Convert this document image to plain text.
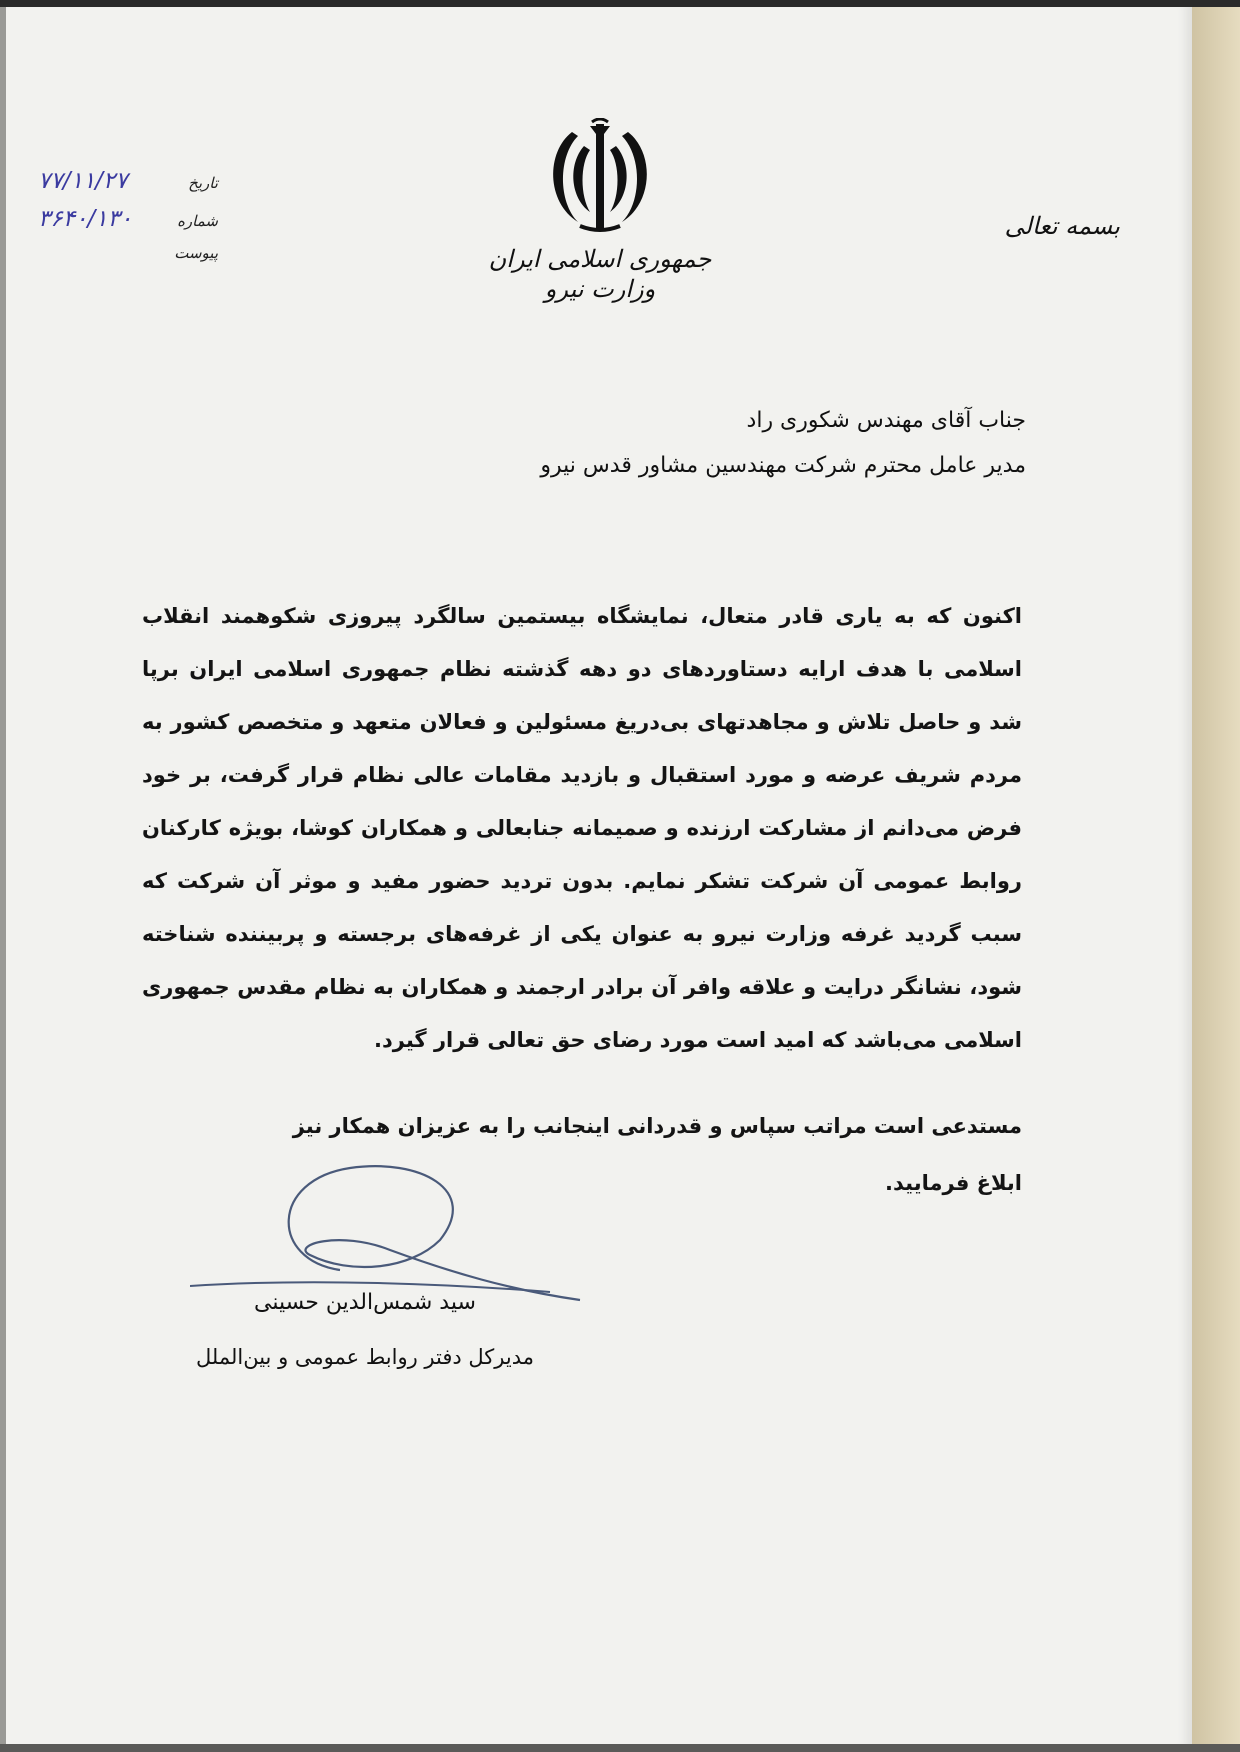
بسمه تعالی
جمهوری اسلامی ایران
وزارت نیرو
تاریخ
۷۷/۱۱/۲۷
شماره
۳۶۴۰/۱۳۰
پیوست
جناب آقای مهندس شکوری راد
مدیر عامل محترم شرکت مهندسین مشاور قدس نیرو

اکنون که به یاری قادر متعال، نمایشگاه بیستمین سالگرد پیروزی شکوهمند انقلاب اسلامی با هدف ارایه دستاوردهای دو دهه گذشته نظام جمهوری اسلامی ایران برپا شد و حاصل تلاش و مجاهدتهای بی‌دریغ مسئولین و فعالان متعهد و متخصص کشور به مردم شریف عرضه و مورد استقبال و بازدید مقامات عالی نظام قرار گرفت، بر خود فرض می‌دانم از مشارکت ارزنده و صمیمانه جنابعالی و همکاران کوشا، بویژه کارکنان روابط عمومی آن شرکت تشکر نمایم. بدون تردید حضور مفید و موثر آن شرکت که سبب گردید غرفه وزارت نیرو به عنوان یکی از غرفه‌های برجسته و پربیننده شناخته شود، نشانگر درایت و علاقه وافر آن برادر ارجمند و همکاران به نظام مقدس جمهوری اسلامی می‌باشد که امید است مورد رضای حق تعالی قرار گیرد.

مستدعی است مراتب سپاس و قدردانی اینجانب را به عزیزان همکار نیز

ابلاغ فرمایید.

سید شمس‌الدین حسینی
مدیرکل دفتر روابط عمومی و بین‌الملل
